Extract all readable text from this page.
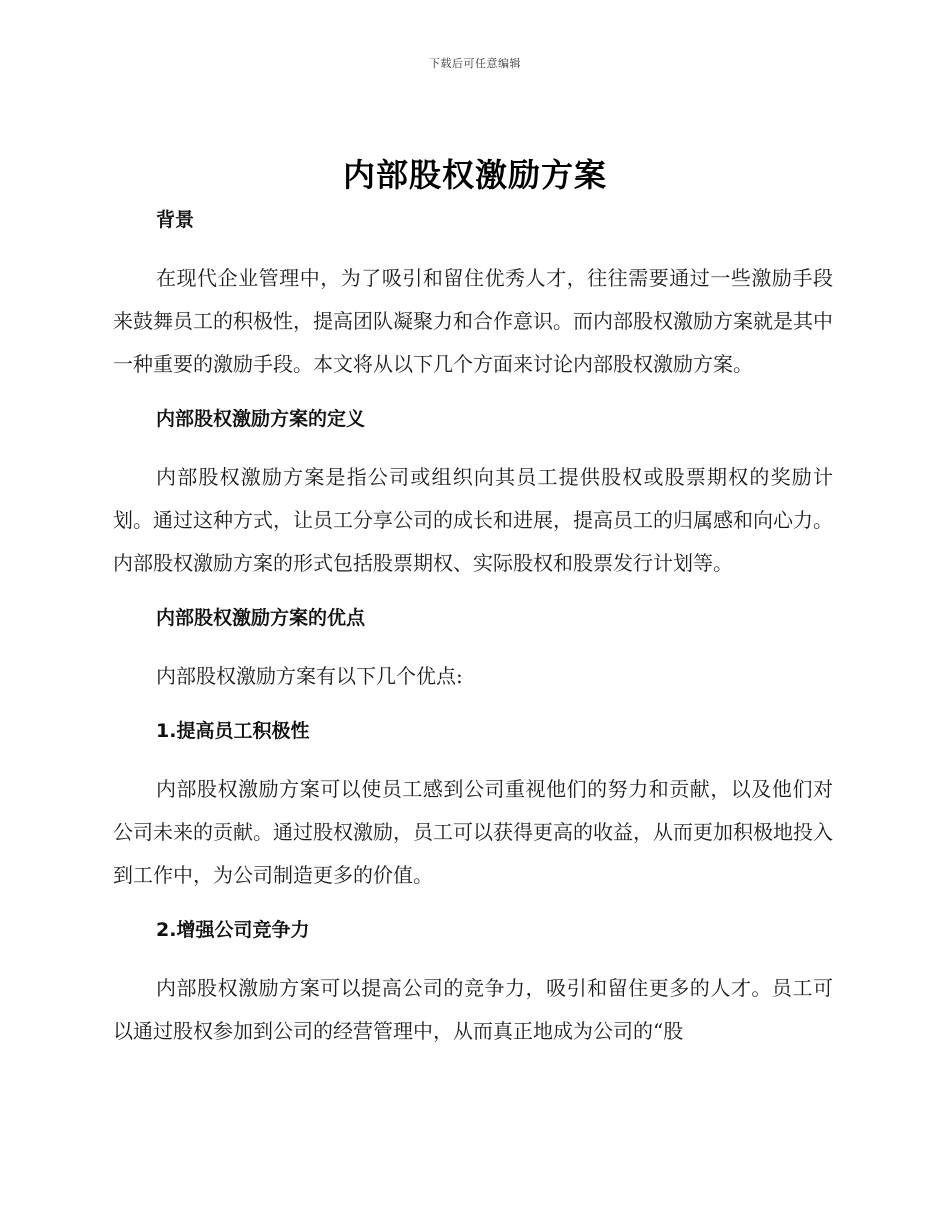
下载后可任意编辑
内部股权激励方案
背景

在现代企业管理中，为了吸引和留住优秀人才，往往需要通过一些激励手段来鼓舞员工的积极性，提高团队凝聚力和合作意识。而内部股权激励方案就是其中一种重要的激励手段。本文将从以下几个方面来讨论内部股权激励方案。

内部股权激励方案的定义

内部股权激励方案是指公司或组织向其员工提供股权或股票期权的奖励计划。通过这种方式，让员工分享公司的成长和进展，提高员工的归属感和向心力。内部股权激励方案的形式包括股票期权、实际股权和股票发行计划等。

内部股权激励方案的优点

内部股权激励方案有以下几个优点:

1.提高员工积极性

内部股权激励方案可以使员工感到公司重视他们的努力和贡献，以及他们对公司未来的贡献。通过股权激励，员工可以获得更高的收益，从而更加积极地投入到工作中，为公司制造更多的价值。

2.增强公司竞争力

内部股权激励方案可以提高公司的竞争力，吸引和留住更多的人才。员工可以通过股权参加到公司的经营管理中，从而真正地成为公司的“股
